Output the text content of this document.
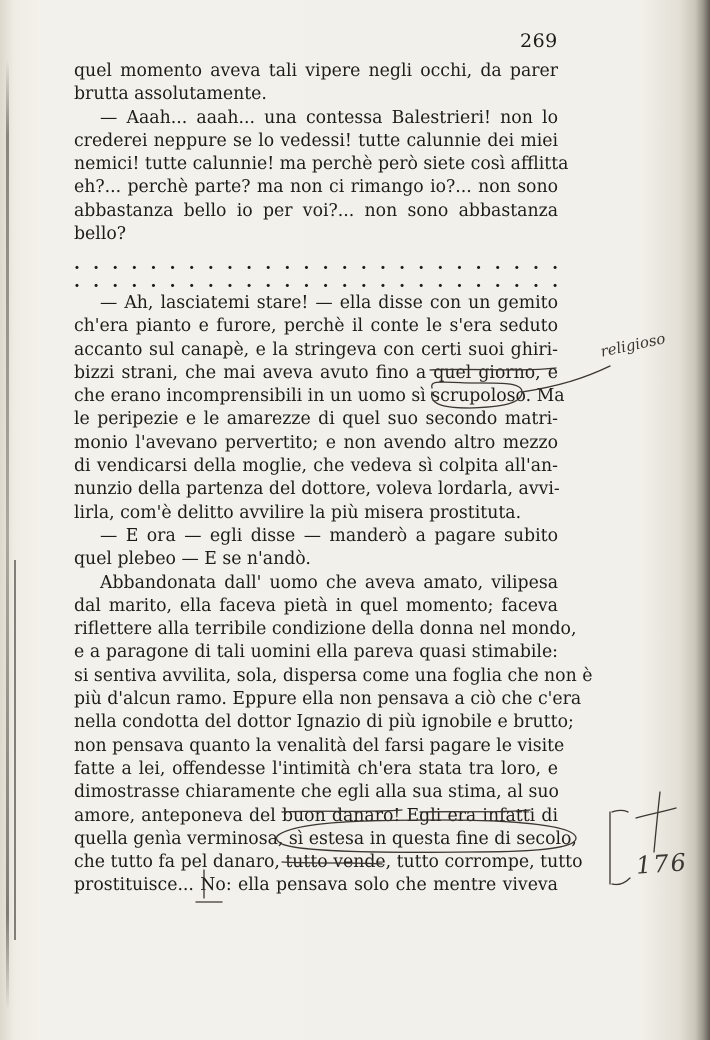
269
quel momento aveva tali vipere negli occhi, da parer
brutta assolutamente.
— Aaah... aaah... una contessa Balestrieri! non lo
crederei neppure se lo vedessi! tutte calunnie dei miei
nemici! tutte calunnie! ma perchè però siete così afflitta
eh?... perchè parte? ma non ci rimango io?... non sono
abbastanza bello io per voi?... non sono abbastanza
bello?
. . . . . . . . . . . . . . . . . . . . . . . . . .
. . . . . . . . . . . . . . . . . . . . . . . . . .
— Ah, lasciatemi stare! — ella disse con un gemito
ch'era pianto e furore, perchè il conte le s'era seduto
accanto sul canapè, e la stringeva con certi suoi ghiri-
bizzi strani, che mai aveva avuto fino a quel giorno, e
che erano incomprensibili in un uomo sì scrupoloso. Ma
le peripezie e le amarezze di quel suo secondo matri-
monio l'avevano pervertito; e non avendo altro mezzo
di vendicarsi della moglie, che vedeva sì colpita all'an-
nunzio della partenza del dottore, voleva lordarla, avvi-
lirla, com'è delitto avvilire la più misera prostituta.
— E ora — egli disse — manderò a pagare subito
quel plebeo — E se n'andò.
Abbandonata dall' uomo che aveva amato, vilipesa
dal marito, ella faceva pietà in quel momento; faceva
riflettere alla terribile condizione della donna nel mondo,
e a paragone di tali uomini ella pareva quasi stimabile:
si sentiva avvilita, sola, dispersa come una foglia che non è
più d'alcun ramo. Eppure ella non pensava a ciò che c'era
nella condotta del dottor Ignazio di più ignobile e brutto;
non pensava quanto la venalità del farsi pagare le visite
fatte a lei, offendesse l'intimità ch'era stata tra loro, e
dimostrasse chiaramente che egli alla sua stima, al suo
amore, anteponeva del buon danaro! Egli era infatti di
quella genìa verminosa, sì estesa in questa fine di secolo,
che tutto fa pel danaro, tutto vende, tutto corrompe, tutto
prostituisce... No: ella pensava solo che mentre viveva
religioso
176
